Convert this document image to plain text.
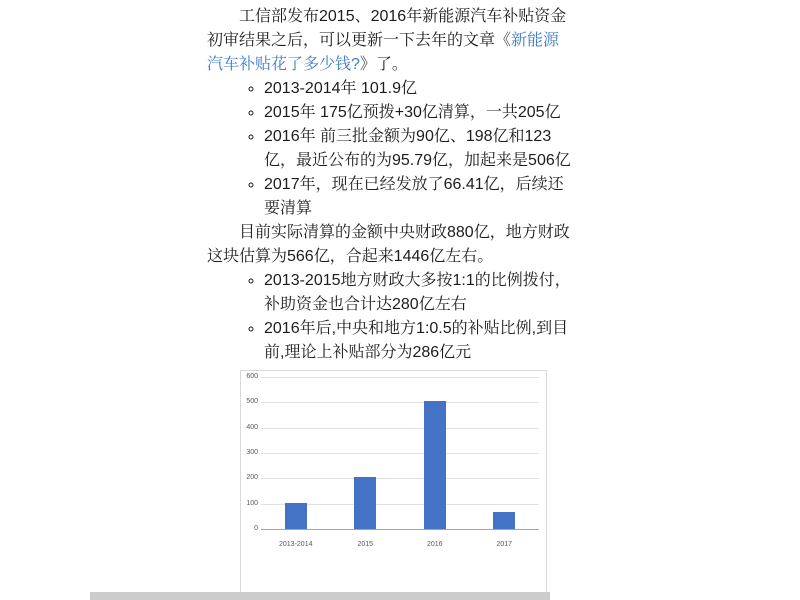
工信部发布2015、2016年新能源汽车补贴资金初审结果之后，可以更新一下去年的文章《新能源汽车补贴花了多少钱?》了。

◦ 2013-2014年 101.9亿
◦ 2015年 175亿预拨+30亿清算，一共205亿
◦ 2016年 前三批金额为90亿、198亿和123亿，最近公布的为95.79亿，加起来是506亿
◦ 2017年，现在已经发放了66.41亿，后续还要清算

目前实际清算的金额中央财政880亿，地方财政这块估算为566亿，合起来1446亿左右。

◦ 2013-2015地方财政大多按1:1的比例拨付，补助资金也合计达280亿左右
◦ 2016年后,中央和地方1:0.5的补贴比例,到目前,理论上补贴部分为286亿元
0
100
200
300
400
500
600
2013-2014	2015	2016	2017
